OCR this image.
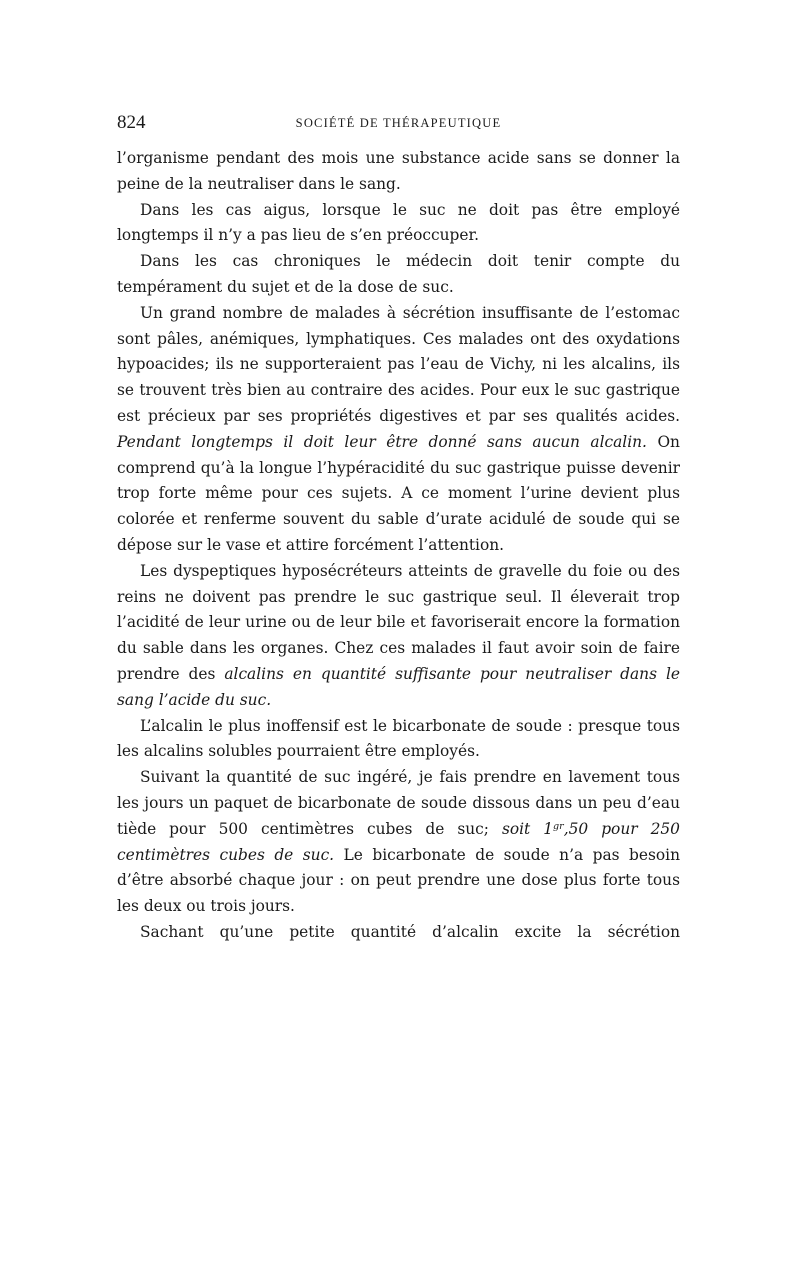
824	SOCIÉTÉ DE THÉRAPEUTIQUE

l’organisme pendant des mois une substance acide sans se donner la peine de la neutraliser dans le sang.

Dans les cas aigus, lorsque le suc ne doit pas être employé longtemps il n’y a pas lieu de s’en préoccuper.

Dans les cas chroniques le médecin doit tenir compte du tempérament du sujet et de la dose de suc.

Un grand nombre de malades à sécrétion insuffisante de l’estomac sont pâles, anémiques, lymphatiques. Ces malades ont des oxydations hypoacides; ils ne supporteraient pas l’eau de Vichy, ni les alcalins, ils se trouvent très bien au contraire des acides. Pour eux le suc gastrique est précieux par ses propriétés digestives et par ses qualités acides. Pendant longtemps il doit leur être donné sans aucun alcalin. On comprend qu’à la longue l’hypéracidité du suc gastrique puisse devenir trop forte même pour ces sujets. A ce moment l’urine devient plus colorée et renferme souvent du sable d’urate acidulé de soude qui se dépose sur le vase et attire forcément l’attention.

Les dyspeptiques hyposécréteurs atteints de gravelle du foie ou des reins ne doivent pas prendre le suc gastrique seul. Il éleverait trop l’acidité de leur urine ou de leur bile et favoriserait encore la formation du sable dans les organes. Chez ces malades il faut avoir soin de faire prendre des alcalins en quantité suffisante pour neutraliser dans le sang l’acide du suc.

L’alcalin le plus inoffensif est le bicarbonate de soude : presque tous les alcalins solubles pourraient être employés.

Suivant la quantité de suc ingéré, je fais prendre en lavement tous les jours un paquet de bicarbonate de soude dissous dans un peu d’eau tiède pour 500 centimètres cubes de suc; soit $1^{gr},50$ pour 250 centimètres cubes de suc. Le bicarbonate de soude n’a pas besoin d’être absorbé chaque jour : on peut prendre une dose plus forte tous les deux ou trois jours.

Sachant qu’une petite quantité d’alcalin excite la sécrétion
